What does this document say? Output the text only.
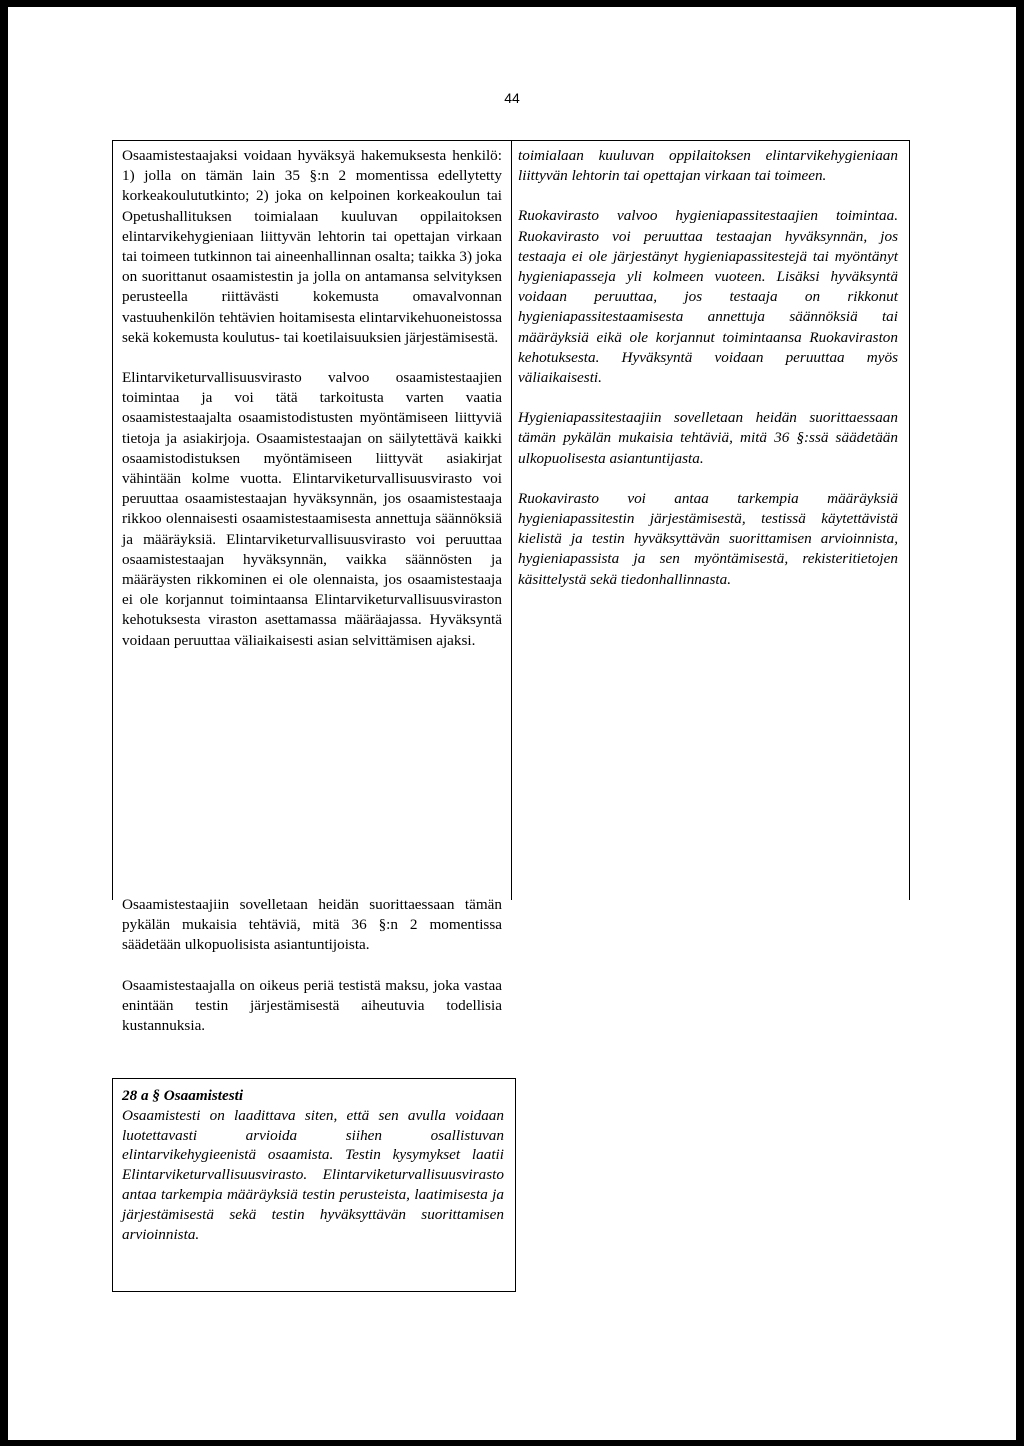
44

Osaamistestaajaksi voidaan hyväksyä hakemuksesta henkilö: 1) jolla on tämän lain 35 §:n 2 momentissa edellytetty korkeakoulututkinto; 2) joka on kelpoinen korkeakoulun tai Opetushallituksen toimialaan kuuluvan oppilaitoksen elintarvikehygieniaan liittyvän lehtorin tai opettajan virkaan tai toimeen tutkinnon tai aineenhallinnan osalta; taikka 3) joka on suorittanut osaamistestin ja jolla on antamansa selvityksen perusteella riittävästi kokemusta omavalvonnan vastuuhenkilön tehtävien hoitamisesta elintarvikehuoneistossa sekä kokemusta koulutus- tai koetilaisuuksien järjestämisestä.

Elintarviketurvallisuusvirasto valvoo osaamistestaajien toimintaa ja voi tätä tarkoitusta varten vaatia osaamistestaajalta osaamistodistusten myöntämiseen liittyviä tietoja ja asiakirjoja. Osaamistestaajan on säilytettävä kaikki osaamistodistuksen myöntämiseen liittyvät asiakirjat vähintään kolme vuotta. Elintarviketurvallisuusvirasto voi peruuttaa osaamistestaajan hyväksynnän, jos osaamistestaaja rikkoo olennaisesti osaamistestaamisesta annettuja säännöksiä ja määräyksiä. Elintarviketurvallisuusvirasto voi peruuttaa osaamistestaajan hyväksynnän, vaikka säännösten ja määräysten rikkominen ei ole olennaista, jos osaamistestaaja ei ole korjannut toimintaansa Elintarviketurvallisuusviraston kehotuksesta viraston asettamassa määräajassa. Hyväksyntä voidaan peruuttaa väliaikaisesti asian selvittämisen ajaksi.

toimialaan kuuluvan oppilaitoksen elintarvikehygieniaan liittyvän lehtorin tai opettajan virkaan tai toimeen.

Ruokavirasto valvoo hygieniapassitestaajien toimintaa. Ruokavirasto voi peruuttaa testaajan hyväksynnän, jos testaaja ei ole järjestänyt hygieniapassitestejä tai myöntänyt hygieniapasseja yli kolmeen vuoteen. Lisäksi hyväksyntä voidaan peruuttaa, jos testaaja on rikkonut hygieniapassitestaamisesta annettuja säännöksiä tai määräyksiä eikä ole korjannut toimintaansa Ruokaviraston kehotuksesta. Hyväksyntä voidaan peruuttaa myös väliaikaisesti.

Hygieniapassitestaajiin sovelletaan heidän suorittaessaan tämän pykälän mukaisia tehtäviä, mitä 36 §:ssä säädetään ulkopuolisesta asiantuntijasta.

Ruokavirasto voi antaa tarkempia määräyksiä hygieniapassitestin järjestämisestä, testissä käytettävistä kielistä ja testin hyväksyttävän suorittamisen arvioinnista, hygieniapassista ja sen myöntämisestä, rekisteritietojen käsittelystä sekä tiedonhallinnasta.

Osaamistestaajiin sovelletaan heidän suorittaessaan tämän pykälän mukaisia tehtäviä, mitä 36 §:n 2 momentissa säädetään ulkopuolisista asiantuntijoista.

Osaamistestaajalla on oikeus periä testistä maksu, joka vastaa enintään testin järjestämisestä aiheutuvia todellisia kustannuksia.

28 a § Osaamistesti

Osaamistesti on laadittava siten, että sen avulla voidaan luotettavasti arvioida siihen osallistuvan elintarvikehygieenistä osaamista. Testin kysymykset laatii Elintarviketurvallisuusvirasto. Elintarviketurvallisuusvirasto antaa tarkempia määräyksiä testin perusteista, laatimisesta ja järjestämisestä sekä testin hyväksyttävän suorittamisen arvioinnista.
